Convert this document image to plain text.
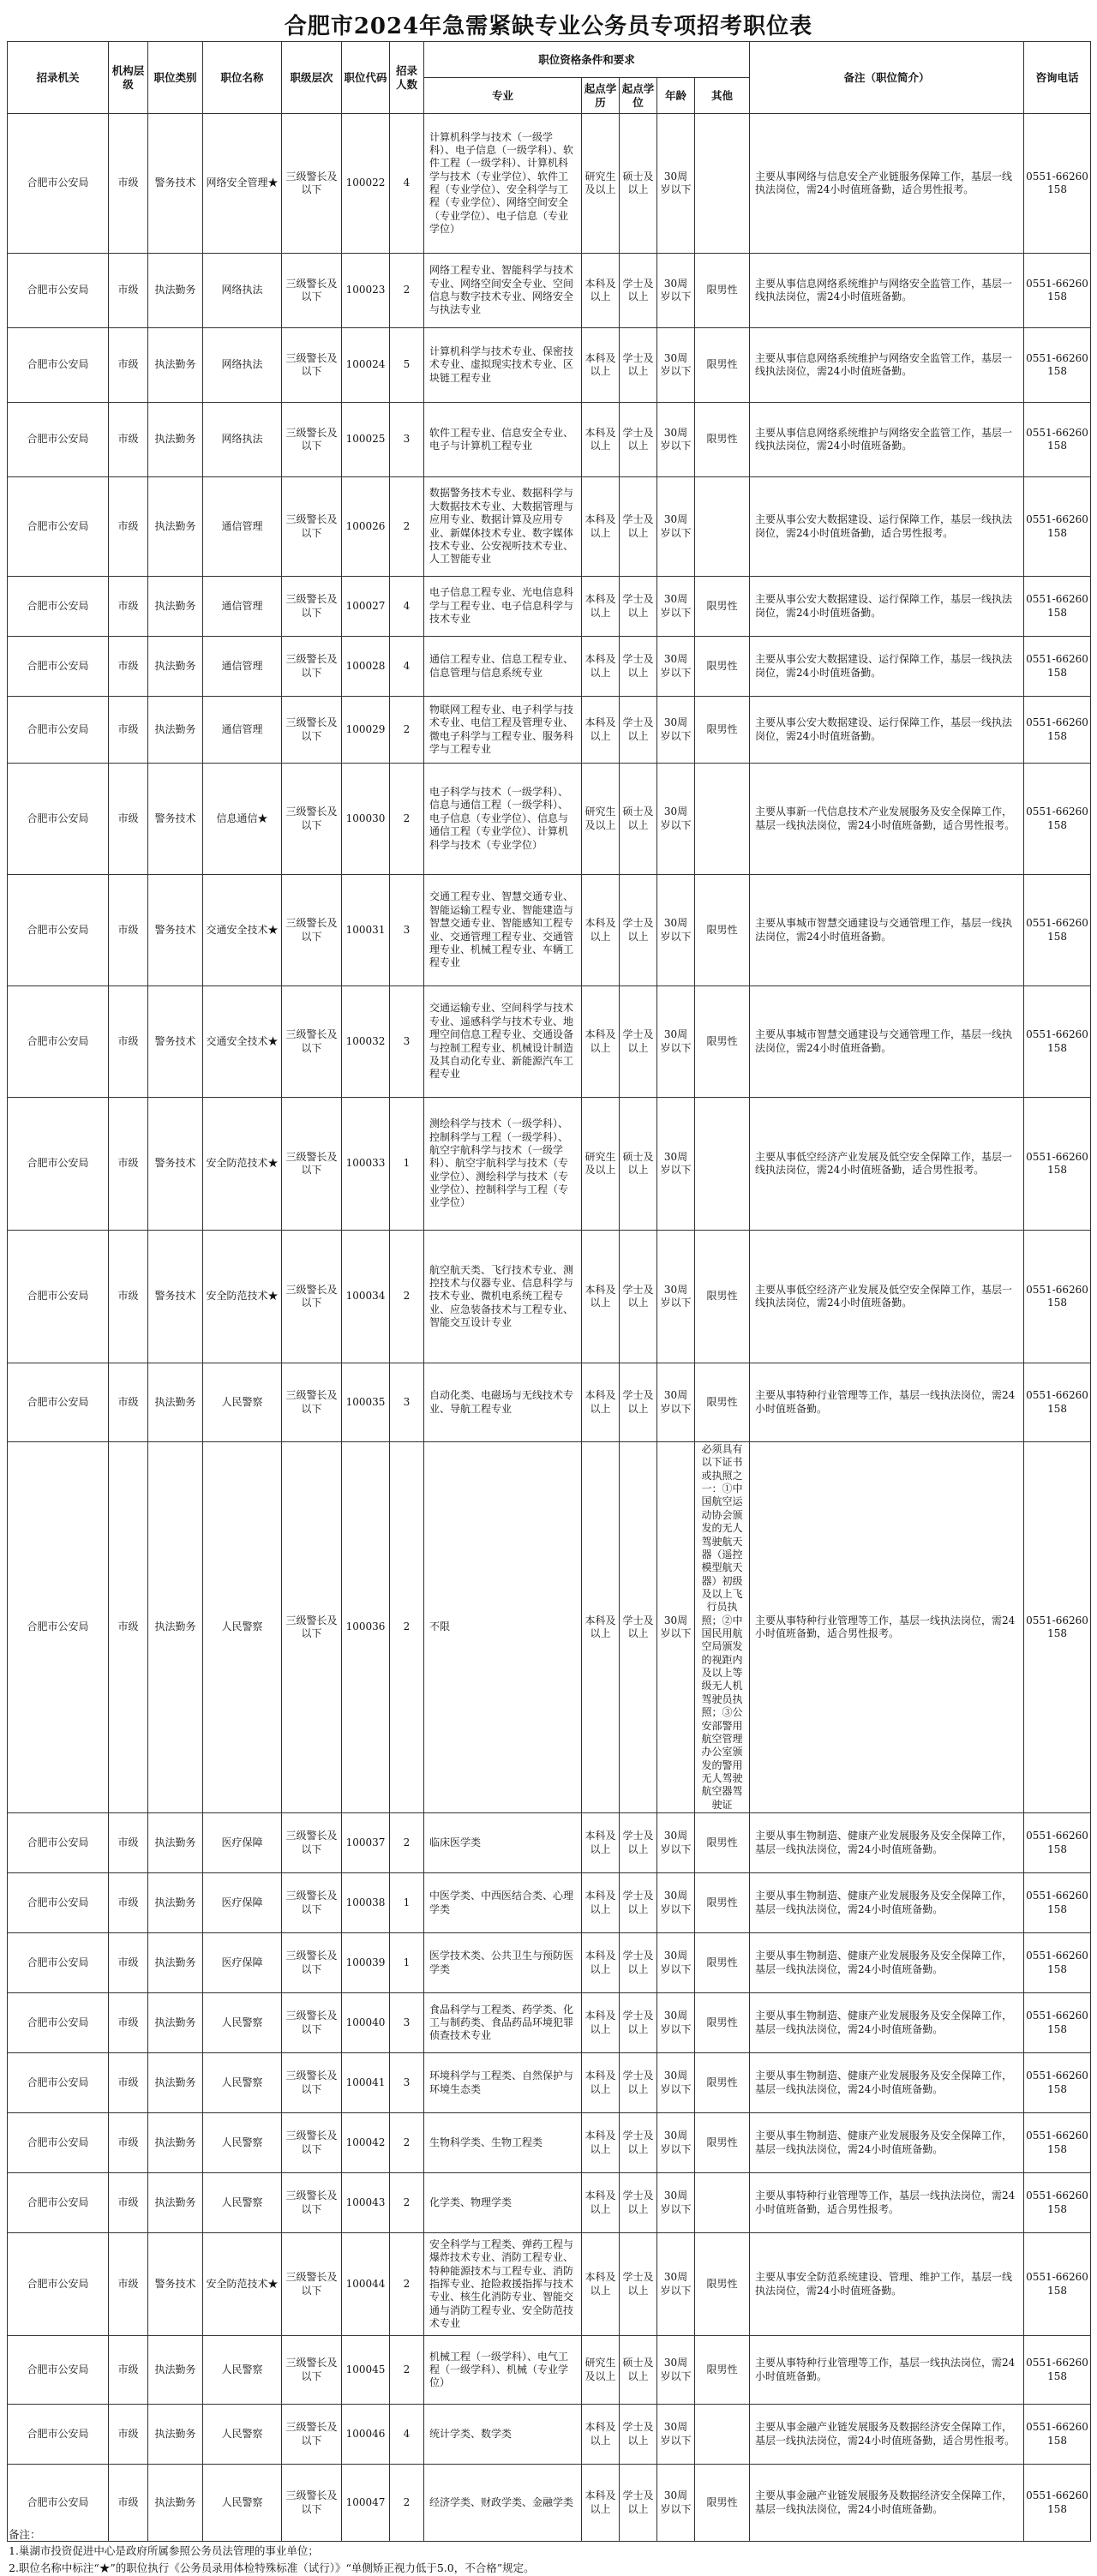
合肥市2024年急需紧缺专业公务员专项招考职位表
招录机关	机构层级	职位类别	职位名称	职级层次	职位代码	招录人数	职位资格条件和要求					备注（职位简介）	咨询电话
							专业	起点学历	起点学位	年龄	其他		
合肥市公安局	市级	警务技术	网络安全管理★	三级警长及以下	100022	4	计算机科学与技术（一级学科）、电子信息（一级学科）、软件工程（一级学科）、计算机科学与技术（专业学位）、软件工程（专业学位）、安全科学与工程（专业学位）、网络空间安全（专业学位）、电子信息（专业学位）	研究生及以上	硕士及以上	30周岁以下		主要从事网络与信息安全产业链服务保障工作，基层一线执法岗位，需24小时值班备勤，适合男性报考。	0551-66260158
合肥市公安局	市级	执法勤务	网络执法	三级警长及以下	100023	2	网络工程专业、智能科学与技术专业、网络空间安全专业、空间信息与数字技术专业、网络安全与执法专业	本科及以上	学士及以上	30周岁以下	限男性	主要从事信息网络系统维护与网络安全监管工作，基层一线执法岗位，需24小时值班备勤。	0551-66260158
合肥市公安局	市级	执法勤务	网络执法	三级警长及以下	100024	5	计算机科学与技术专业、保密技术专业、虚拟现实技术专业、区块链工程专业	本科及以上	学士及以上	30周岁以下	限男性	主要从事信息网络系统维护与网络安全监管工作，基层一线执法岗位，需24小时值班备勤。	0551-66260158
合肥市公安局	市级	执法勤务	网络执法	三级警长及以下	100025	3	软件工程专业、信息安全专业、电子与计算机工程专业	本科及以上	学士及以上	30周岁以下	限男性	主要从事信息网络系统维护与网络安全监管工作，基层一线执法岗位，需24小时值班备勤。	0551-66260158
合肥市公安局	市级	执法勤务	通信管理	三级警长及以下	100026	2	数据警务技术专业、数据科学与大数据技术专业、大数据管理与应用专业、数据计算及应用专业、新媒体技术专业、数字媒体技术专业、公安视听技术专业、人工智能专业	本科及以上	学士及以上	30周岁以下		主要从事公安大数据建设、运行保障工作，基层一线执法岗位，需24小时值班备勤，适合男性报考。	0551-66260158
合肥市公安局	市级	执法勤务	通信管理	三级警长及以下	100027	4	电子信息工程专业、光电信息科学与工程专业、电子信息科学与技术专业	本科及以上	学士及以上	30周岁以下	限男性	主要从事公安大数据建设、运行保障工作，基层一线执法岗位，需24小时值班备勤。	0551-66260158
合肥市公安局	市级	执法勤务	通信管理	三级警长及以下	100028	4	通信工程专业、信息工程专业、信息管理与信息系统专业	本科及以上	学士及以上	30周岁以下	限男性	主要从事公安大数据建设、运行保障工作，基层一线执法岗位，需24小时值班备勤。	0551-66260158
合肥市公安局	市级	执法勤务	通信管理	三级警长及以下	100029	2	物联网工程专业、电子科学与技术专业、电信工程及管理专业、微电子科学与工程专业、服务科学与工程专业	本科及以上	学士及以上	30周岁以下	限男性	主要从事公安大数据建设、运行保障工作，基层一线执法岗位，需24小时值班备勤。	0551-66260158
合肥市公安局	市级	警务技术	信息通信★	三级警长及以下	100030	2	电子科学与技术（一级学科）、信息与通信工程（一级学科）、电子信息（专业学位）、信息与通信工程（专业学位）、计算机科学与技术（专业学位）	研究生及以上	硕士及以上	30周岁以下		主要从事新一代信息技术产业发展服务及安全保障工作，基层一线执法岗位，需24小时值班备勤，适合男性报考。	0551-66260158
合肥市公安局	市级	警务技术	交通安全技术★	三级警长及以下	100031	3	交通工程专业、智慧交通专业、智能运输工程专业、智能建造与智慧交通专业、智能感知工程专业、交通管理工程专业、交通管理专业、机械工程专业、车辆工程专业	本科及以上	学士及以上	30周岁以下	限男性	主要从事城市智慧交通建设与交通管理工作，基层一线执法岗位，需24小时值班备勤。	0551-66260158
合肥市公安局	市级	警务技术	交通安全技术★	三级警长及以下	100032	3	交通运输专业、空间科学与技术专业、遥感科学与技术专业、地理空间信息工程专业、交通设备与控制工程专业、机械设计制造及其自动化专业、新能源汽车工程专业	本科及以上	学士及以上	30周岁以下	限男性	主要从事城市智慧交通建设与交通管理工作，基层一线执法岗位，需24小时值班备勤。	0551-66260158
合肥市公安局	市级	警务技术	安全防范技术★	三级警长及以下	100033	1	测绘科学与技术（一级学科）、控制科学与工程（一级学科）、航空宇航科学与技术（一级学科）、航空宇航科学与技术（专业学位）、测绘科学与技术（专业学位）、控制科学与工程（专业学位）	研究生及以上	硕士及以上	30周岁以下		主要从事低空经济产业发展及低空安全保障工作，基层一线执法岗位，需24小时值班备勤，适合男性报考。	0551-66260158
合肥市公安局	市级	警务技术	安全防范技术★	三级警长及以下	100034	2	航空航天类、飞行技术专业、测控技术与仪器专业、信息科学与技术专业、微机电系统工程专业、应急装备技术与工程专业、智能交互设计专业	本科及以上	学士及以上	30周岁以下	限男性	主要从事低空经济产业发展及低空安全保障工作，基层一线执法岗位，需24小时值班备勤。	0551-66260158
合肥市公安局	市级	执法勤务	人民警察	三级警长及以下	100035	3	自动化类、电磁场与无线技术专业、导航工程专业	本科及以上	学士及以上	30周岁以下	限男性	主要从事特种行业管理等工作，基层一线执法岗位，需24小时值班备勤。	0551-66260158
合肥市公安局	市级	执法勤务	人民警察	三级警长及以下	100036	2	不限	本科及以上	学士及以上	30周岁以下	必须具有以下证书或执照之一：①中国航空运动协会颁发的无人驾驶航天器（遥控模型航天器）初级及以上飞行员执照；②中国民用航空局颁发的视距内及以上等级无人机驾驶员执照；③公安部警用航空管理办公室颁发的警用无人驾驶航空器驾驶证	主要从事特种行业管理等工作，基层一线执法岗位，需24小时值班备勤，适合男性报考。	0551-66260158
合肥市公安局	市级	执法勤务	医疗保障	三级警长及以下	100037	2	临床医学类	本科及以上	学士及以上	30周岁以下	限男性	主要从事生物制造、健康产业发展服务及安全保障工作，基层一线执法岗位，需24小时值班备勤。	0551-66260158
合肥市公安局	市级	执法勤务	医疗保障	三级警长及以下	100038	1	中医学类、中西医结合类、心理学类	本科及以上	学士及以上	30周岁以下	限男性	主要从事生物制造、健康产业发展服务及安全保障工作，基层一线执法岗位，需24小时值班备勤。	0551-66260158
合肥市公安局	市级	执法勤务	医疗保障	三级警长及以下	100039	1	医学技术类、公共卫生与预防医学类	本科及以上	学士及以上	30周岁以下	限男性	主要从事生物制造、健康产业发展服务及安全保障工作，基层一线执法岗位，需24小时值班备勤。	0551-66260158
合肥市公安局	市级	执法勤务	人民警察	三级警长及以下	100040	3	食品科学与工程类、药学类、化工与制药类、食品药品环境犯罪侦查技术专业	本科及以上	学士及以上	30周岁以下	限男性	主要从事生物制造、健康产业发展服务及安全保障工作，基层一线执法岗位，需24小时值班备勤。	0551-66260158
合肥市公安局	市级	执法勤务	人民警察	三级警长及以下	100041	3	环境科学与工程类、自然保护与环境生态类	本科及以上	学士及以上	30周岁以下	限男性	主要从事生物制造、健康产业发展服务及安全保障工作，基层一线执法岗位，需24小时值班备勤。	0551-66260158
合肥市公安局	市级	执法勤务	人民警察	三级警长及以下	100042	2	生物科学类、生物工程类	本科及以上	学士及以上	30周岁以下	限男性	主要从事生物制造、健康产业发展服务及安全保障工作，基层一线执法岗位，需24小时值班备勤。	0551-66260158
合肥市公安局	市级	执法勤务	人民警察	三级警长及以下	100043	2	化学类、物理学类	本科及以上	学士及以上	30周岁以下		主要从事特种行业管理等工作，基层一线执法岗位，需24小时值班备勤，适合男性报考。	0551-66260158
合肥市公安局	市级	警务技术	安全防范技术★	三级警长及以下	100044	2	安全科学与工程类、弹药工程与爆炸技术专业、消防工程专业、特种能源技术与工程专业、消防指挥专业、抢险救援指挥与技术专业、核生化消防专业、智能交通与消防工程专业、安全防范技术专业	本科及以上	学士及以上	30周岁以下	限男性	主要从事安全防范系统建设、管理、维护工作，基层一线执法岗位，需24小时值班备勤。	0551-66260158
合肥市公安局	市级	执法勤务	人民警察	三级警长及以下	100045	2	机械工程（一级学科）、电气工程（一级学科）、机械（专业学位）	研究生及以上	硕士及以上	30周岁以下	限男性	主要从事特种行业管理等工作，基层一线执法岗位，需24小时值班备勤。	0551-66260158
合肥市公安局	市级	执法勤务	人民警察	三级警长及以下	100046	4	统计学类、数学类	本科及以上	学士及以上	30周岁以下		主要从事金融产业链发展服务及数据经济安全保障工作，基层一线执法岗位，需24小时值班备勤，适合男性报考。	0551-66260158
合肥市公安局	市级	执法勤务	人民警察	三级警长及以下	100047	2	经济学类、财政学类、金融学类	本科及以上	学士及以上	30周岁以下	限男性	主要从事金融产业链发展服务及数据经济安全保障工作，基层一线执法岗位，需24小时值班备勤。	0551-66260158
备注：
1.巢湖市投资促进中心是政府所属参照公务员法管理的事业单位；
2.职位名称中标注“★”的职位执行《公务员录用体检特殊标准（试行）》“单侧矫正视力低于5.0，不合格”规定。
